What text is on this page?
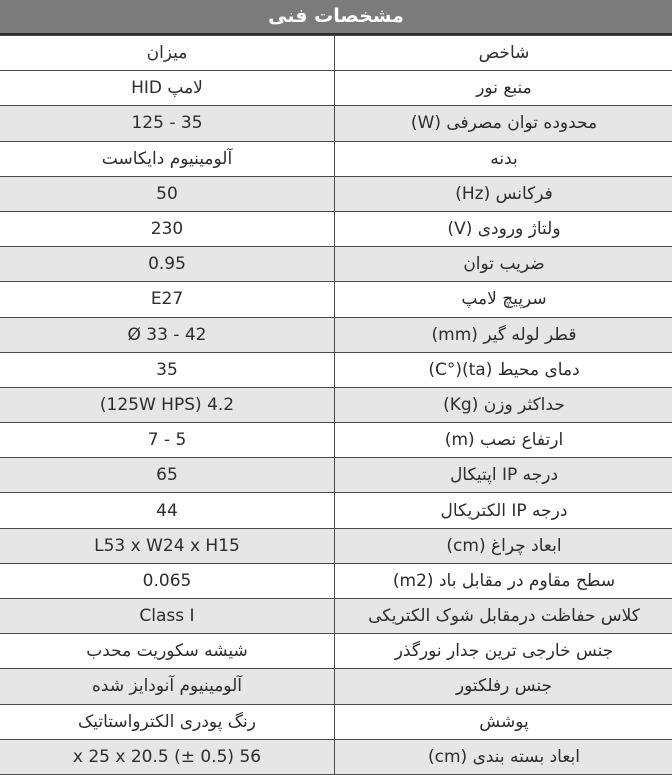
مشخصات فنی
شاخص	میزان
منبع نور	لامپ HID
محدوده توان مصرفی (W)	35 - 125
بدنه	آلومینیوم دایکاست
فرکانس (Hz)	50
ولتاژ ورودی (V)	230
ضریب توان	0.95
سرپیچ لامپ	E27
قطر لوله گیر (mm)	Ø 33 - 42
دمای محیط (ta)(°C)	35
حداکثر وزن (Kg)	4.2 (125W HPS)
ارتفاع نصب (m)	5 - 7
درجه IP اپتیکال	65
درجه IP الکتریکال	44
ابعاد چراغ (cm)	L53 x W24 x H15
سطح مقاوم در مقابل باد (m2)	0.065
کلاس حفاظت درمقابل شوک الکتریکی	Class I
جنس خارجی ترین جدار نورگذر	شیشه سکوریت محدب
جنس رفلکتور	آلومینیوم آنودایز شده
پوشش	رنگ پودری الکترواستاتیک
ابعاد بسته بندی (cm)	56 x 25 x 20.5 (± 0.5)
